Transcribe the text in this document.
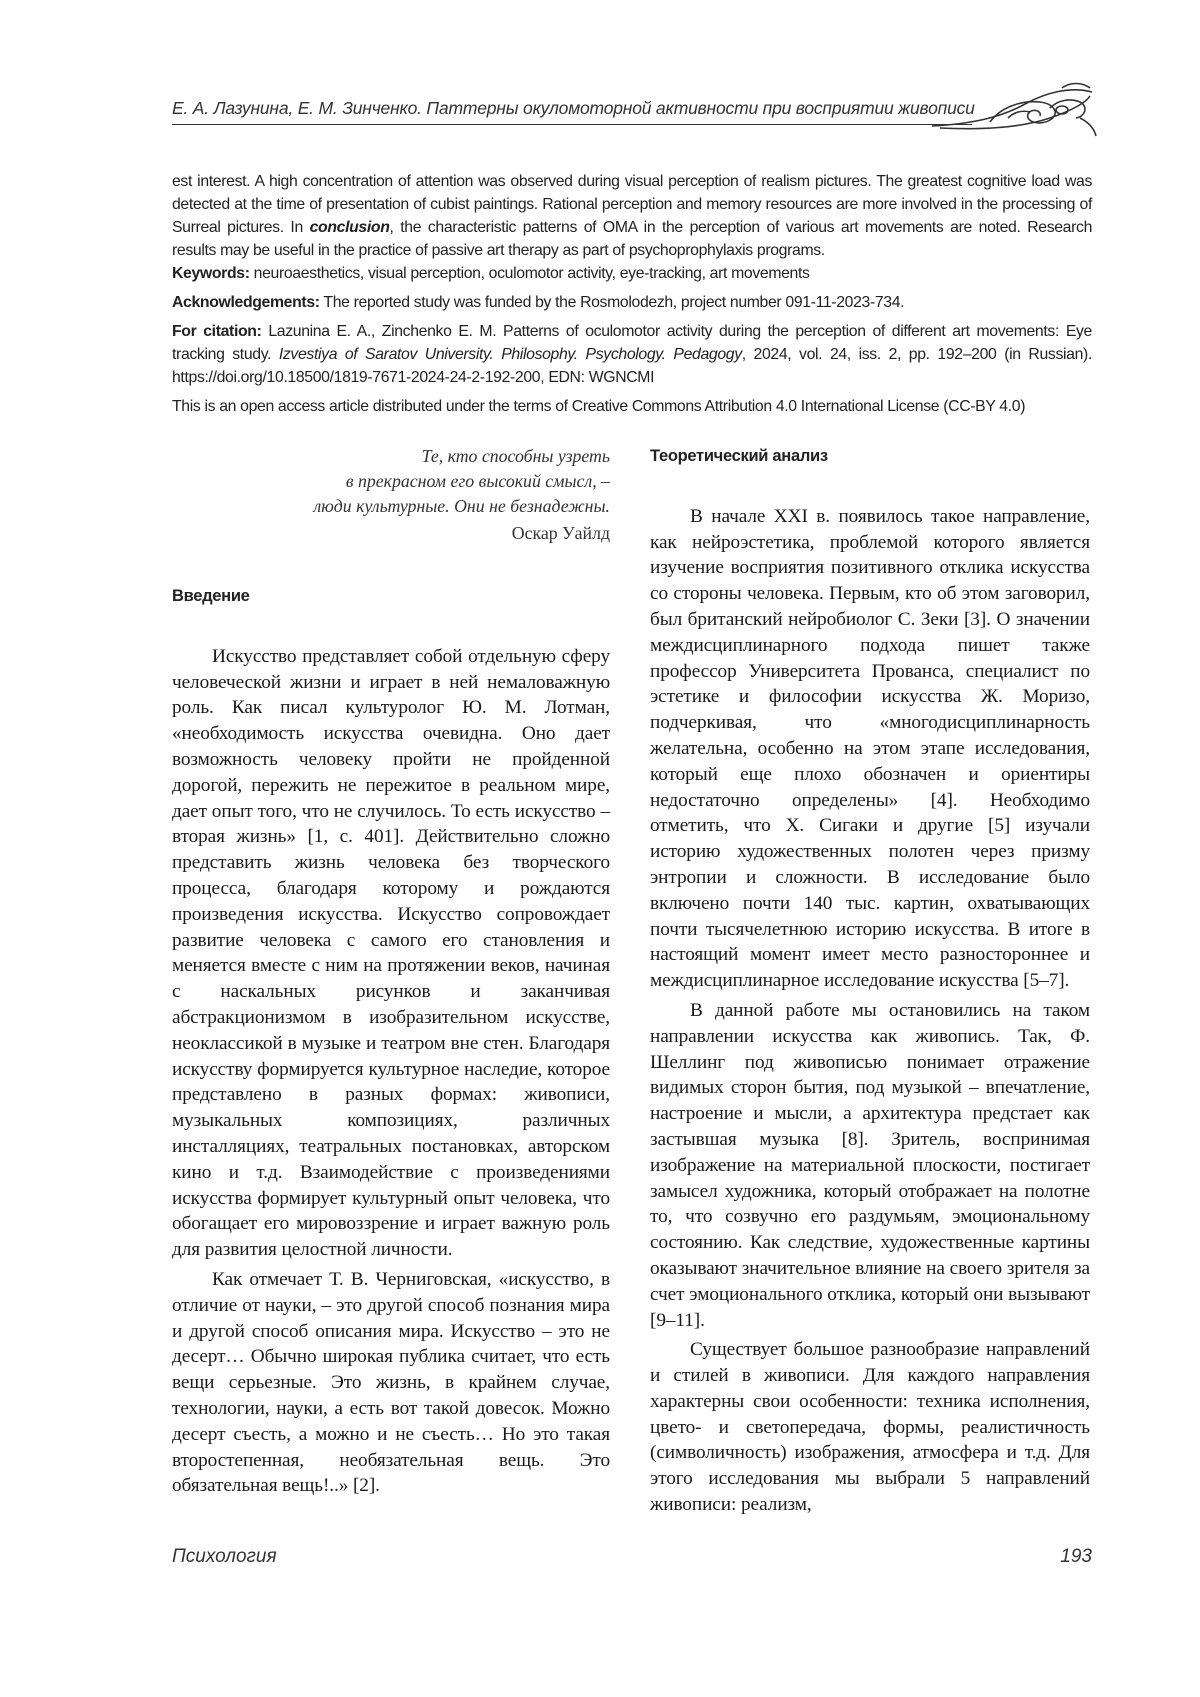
Е. А. Лазунина, Е. М. Зинченко. Паттерны окуломоторной активности при восприятии живописи

est interest. A high concentration of attention was observed during visual perception of realism pictures. The greatest cognitive load was detected at the time of presentation of cubist paintings. Rational perception and memory resources are more involved in the processing of Surreal pictures. In conclusion, the characteristic patterns of OMA in the perception of various art movements are noted. Research results may be useful in the practice of passive art therapy as part of psychoprophylaxis programs.

Keywords: neuroaesthetics, visual perception, oculomotor activity, eye-tracking, art movements

Acknowledgements: The reported study was funded by the Rosmolodezh, project number 091-11-2023-734.

For citation: Lazunina E. A., Zinchenko E. M. Patterns of oculomotor activity during the perception of different art movements: Eye tracking study. Izvestiya of Saratov University. Philosophy. Psychology. Pedagogy, 2024, vol. 24, iss. 2, pp. 192–200 (in Russian). https://doi.org/10.18500/1819-7671-2024-24-2-192-200, EDN: WGNCMI

This is an open access article distributed under the terms of Creative Commons Attribution 4.0 International License (CC-BY 4.0)

Те, кто способны узреть
в прекрасном его высокий смысл, –
люди культурные. Они не безнадежны.
Оскар Уайлд
Введение

Искусство представляет собой отдельную сферу человеческой жизни и играет в ней немаловажную роль. Как писал культуролог Ю. М. Лотман, «необходимость искусства очевидна. Оно дает возможность человеку пройти не пройденной дорогой, пережить не пережитое в реальном мире, дает опыт того, что не случилось. То есть искусство – вторая жизнь» [1, с. 401]. Действительно сложно представить жизнь человека без творческого процесса, благодаря которому и рождаются произведения искусства. Искусство сопровождает развитие человека с самого его становления и меняется вместе с ним на протяжении веков, начиная с наскальных рисунков и заканчивая абстракционизмом в изобразительном искусстве, неоклассикой в музыке и театром вне стен. Благодаря искусству формируется культурное наследие, которое представлено в разных формах: живописи, музыкальных композициях, различных инсталляциях, театральных постановках, авторском кино и т.д. Взаимодействие с произведениями искусства формирует культурный опыт человека, что обогащает его мировоззрение и играет важную роль для развития целостной личности.

Как отмечает Т. В. Черниговская, «искусство, в отличие от науки, – это другой способ познания мира и другой способ описания мира. Искусство – это не десерт… Обычно широкая публика считает, что есть вещи серьезные. Это жизнь, в крайнем случае, технологии, науки, а есть вот такой довесок. Можно десерт съесть, а можно и не съесть… Но это такая второстепенная, необязательная вещь. Это обязательная вещь!..» [2].

Теоретический анализ

В начале XXI в. появилось такое направление, как нейроэстетика, проблемой которого является изучение восприятия позитивного отклика искусства со стороны человека. Первым, кто об этом заговорил, был британский нейробиолог С. Зеки [3]. О значении междисциплинарного подхода пишет также профессор Университета Прованса, специалист по эстетике и философии искусства Ж. Моризо, подчеркивая, что «многодисциплинарность желательна, особенно на этом этапе исследования, который еще плохо обозначен и ориентиры недостаточно определены» [4]. Необходимо отметить, что Х. Сигаки и другие [5] изучали историю художественных полотен через призму энтропии и сложности. В исследование было включено почти 140 тыс. картин, охватывающих почти тысячелетнюю историю искусства. В итоге в настоящий момент имеет место разностороннее и междисциплинарное исследование искусства [5–7].

В данной работе мы остановились на таком направлении искусства как живопись. Так, Ф. Шеллинг под живописью понимает отражение видимых сторон бытия, под музыкой – впечатление, настроение и мысли, а архитектура предстает как застывшая музыка [8]. Зритель, воспринимая изображение на материальной плоскости, постигает замысел художника, который отображает на полотне то, что созвучно его раздумьям, эмоциональному состоянию. Как следствие, художественные картины оказывают значительное влияние на своего зрителя за счет эмоционального отклика, который они вызывают [9–11].

Существует большое разнообразие направлений и стилей в живописи. Для каждого направления характерны свои особенности: техника исполнения, цвето- и светопередача, формы, реалистичность (символичность) изображения, атмосфера и т.д. Для этого исследования мы выбрали 5 направлений живописи: реализм,

Психология	193
